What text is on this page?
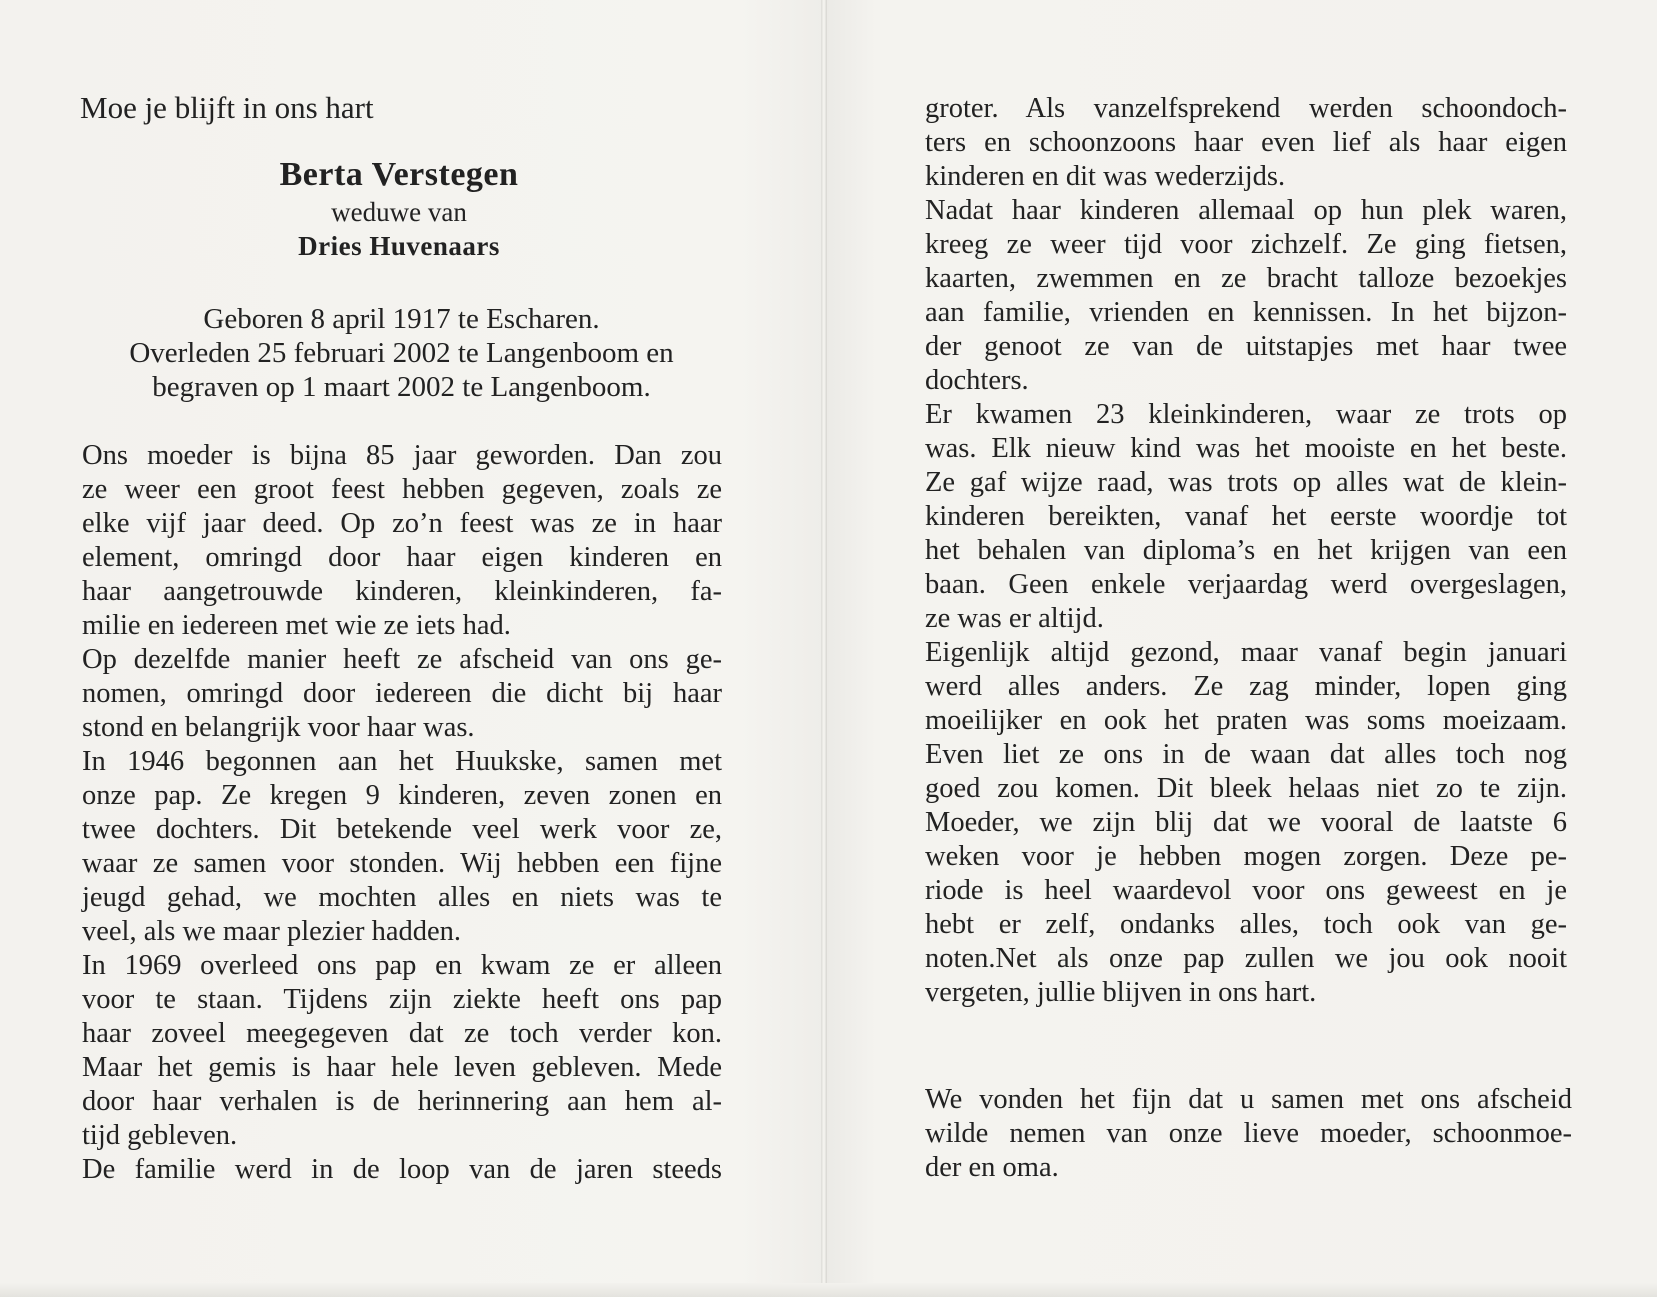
Moe je blijft in ons hart
Berta Verstegen
weduwe van
Dries Huvenaars
Geboren 8 april 1917 te Escharen.
Overleden 25 februari 2002 te Langenboom en
begraven op 1 maart 2002 te Langenboom.
Ons moeder is bijna 85 jaar geworden. Dan zou
ze weer een groot feest hebben gegeven, zoals ze
elke vijf jaar deed. Op zo’n feest was ze in haar
element, omringd door haar eigen kinderen en
haar aangetrouwde kinderen, kleinkinderen, fa-
milie en iedereen met wie ze iets had.
Op dezelfde manier heeft ze afscheid van ons ge-
nomen, omringd door iedereen die dicht bij haar
stond en belangrijk voor haar was.
In 1946 begonnen aan het Huukske, samen met
onze pap. Ze kregen 9 kinderen, zeven zonen en
twee dochters. Dit betekende veel werk voor ze,
waar ze samen voor stonden. Wij hebben een fijne
jeugd gehad, we mochten alles en niets was te
veel, als we maar plezier hadden.
In 1969 overleed ons pap en kwam ze er alleen
voor te staan. Tijdens zijn ziekte heeft ons pap
haar zoveel meegegeven dat ze toch verder kon.
Maar het gemis is haar hele leven gebleven. Mede
door haar verhalen is de herinnering aan hem al-
tijd gebleven.
De familie werd in de loop van de jaren steeds
groter. Als vanzelfsprekend werden schoondoch-
ters en schoonzoons haar even lief als haar eigen
kinderen en dit was wederzijds.
Nadat haar kinderen allemaal op hun plek waren,
kreeg ze weer tijd voor zichzelf. Ze ging fietsen,
kaarten, zwemmen en ze bracht talloze bezoekjes
aan familie, vrienden en kennissen. In het bijzon-
der genoot ze van de uitstapjes met haar twee
dochters.
Er kwamen 23 kleinkinderen, waar ze trots op
was. Elk nieuw kind was het mooiste en het beste.
Ze gaf wijze raad, was trots op alles wat de klein-
kinderen bereikten, vanaf het eerste woordje tot
het behalen van diploma’s en het krijgen van een
baan. Geen enkele verjaardag werd overgeslagen,
ze was er altijd.
Eigenlijk altijd gezond, maar vanaf begin januari
werd alles anders. Ze zag minder, lopen ging
moeilijker en ook het praten was soms moeizaam.
Even liet ze ons in de waan dat alles toch nog
goed zou komen. Dit bleek helaas niet zo te zijn.
Moeder, we zijn blij dat we vooral de laatste 6
weken voor je hebben mogen zorgen. Deze pe-
riode is heel waardevol voor ons geweest en je
hebt er zelf, ondanks alles, toch ook van ge-
noten.Net als onze pap zullen we jou ook nooit
vergeten, jullie blijven in ons hart.
We vonden het fijn dat u samen met ons afscheid
wilde nemen van onze lieve moeder, schoonmoe-
der en oma.
